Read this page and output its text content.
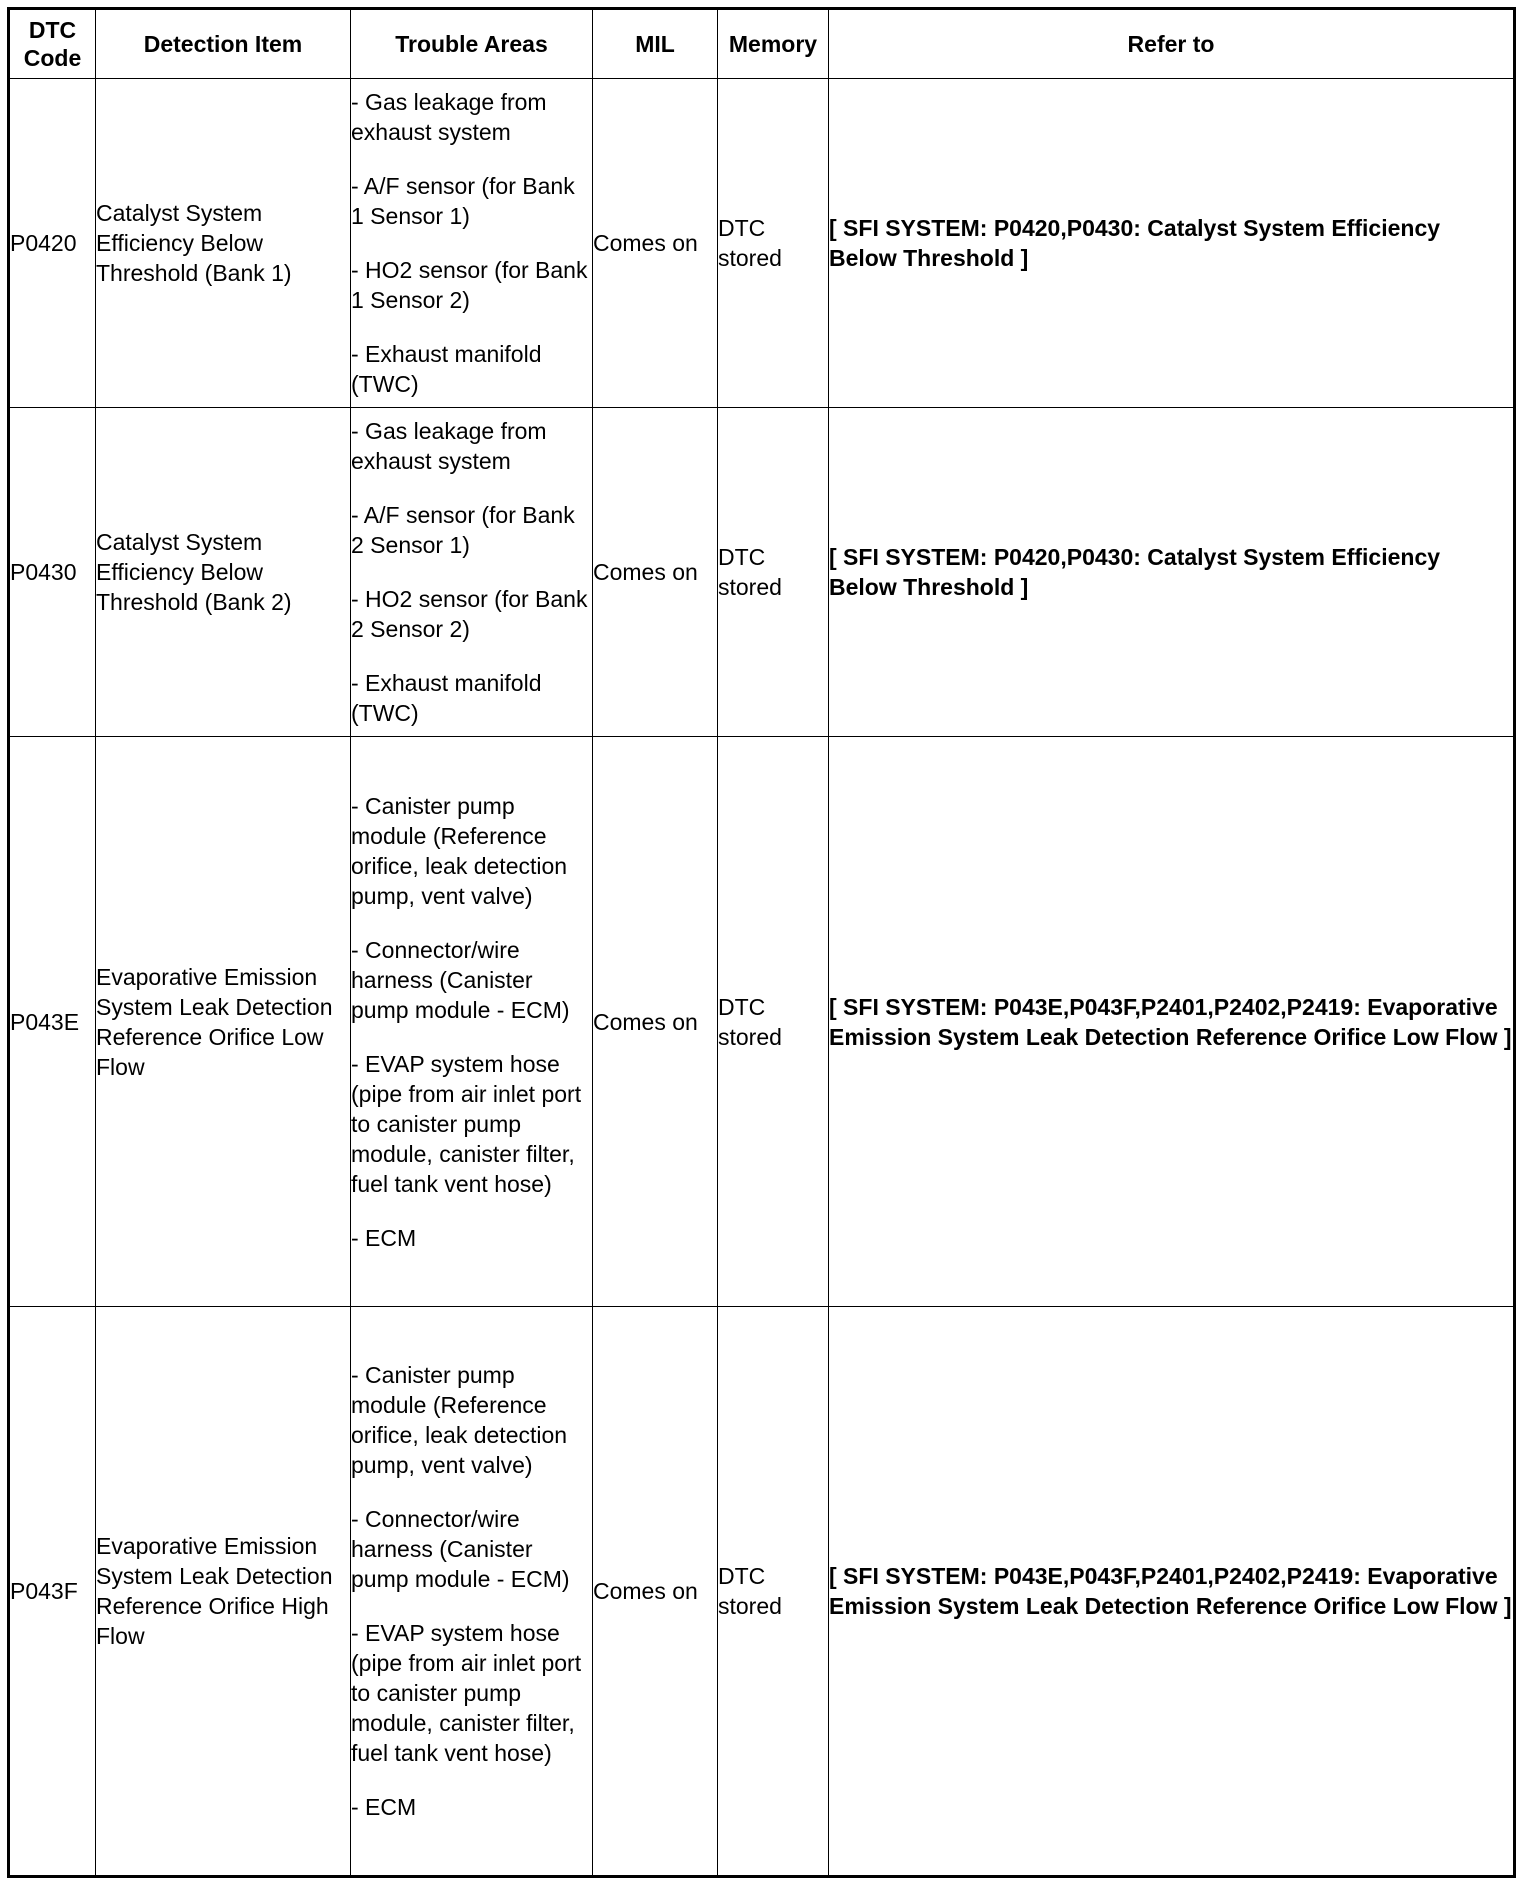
DTC
Code	Detection Item	Trouble Areas	MIL	Memory	Refer to
P0420	Catalyst System Efficiency Below Threshold (Bank 1)	- Gas leakage from exhaust system
- A/F sensor (for Bank 1 Sensor 1)
- HO2 sensor (for Bank 1 Sensor 2)
- Exhaust manifold (TWC)	Comes on	DTC stored	[ SFI SYSTEM: P0420,P0430: Catalyst System Efficiency Below Threshold ]
P0430	Catalyst System Efficiency Below Threshold (Bank 2)	- Gas leakage from exhaust system
- A/F sensor (for Bank 2 Sensor 1)
- HO2 sensor (for Bank 2 Sensor 2)
- Exhaust manifold (TWC)	Comes on	DTC stored	[ SFI SYSTEM: P0420,P0430: Catalyst System Efficiency Below Threshold ]
P043E	Evaporative Emission System Leak Detection Reference Orifice Low Flow	- Canister pump module (Reference orifice, leak detection pump, vent valve)
- Connector/wire harness (Canister pump module - ECM)
- EVAP system hose (pipe from air inlet port to canister pump module, canister filter, fuel tank vent hose)
- ECM	Comes on	DTC stored	[ SFI SYSTEM: P043E,P043F,P2401,P2402,P2419: Evaporative Emission System Leak Detection Reference Orifice Low Flow ]
P043F	Evaporative Emission System Leak Detection Reference Orifice High Flow	- Canister pump module (Reference orifice, leak detection pump, vent valve)
- Connector/wire harness (Canister pump module - ECM)
- EVAP system hose (pipe from air inlet port to canister pump module, canister filter, fuel tank vent hose)
- ECM	Comes on	DTC stored	[ SFI SYSTEM: P043E,P043F,P2401,P2402,P2419: Evaporative Emission System Leak Detection Reference Orifice Low Flow ]
